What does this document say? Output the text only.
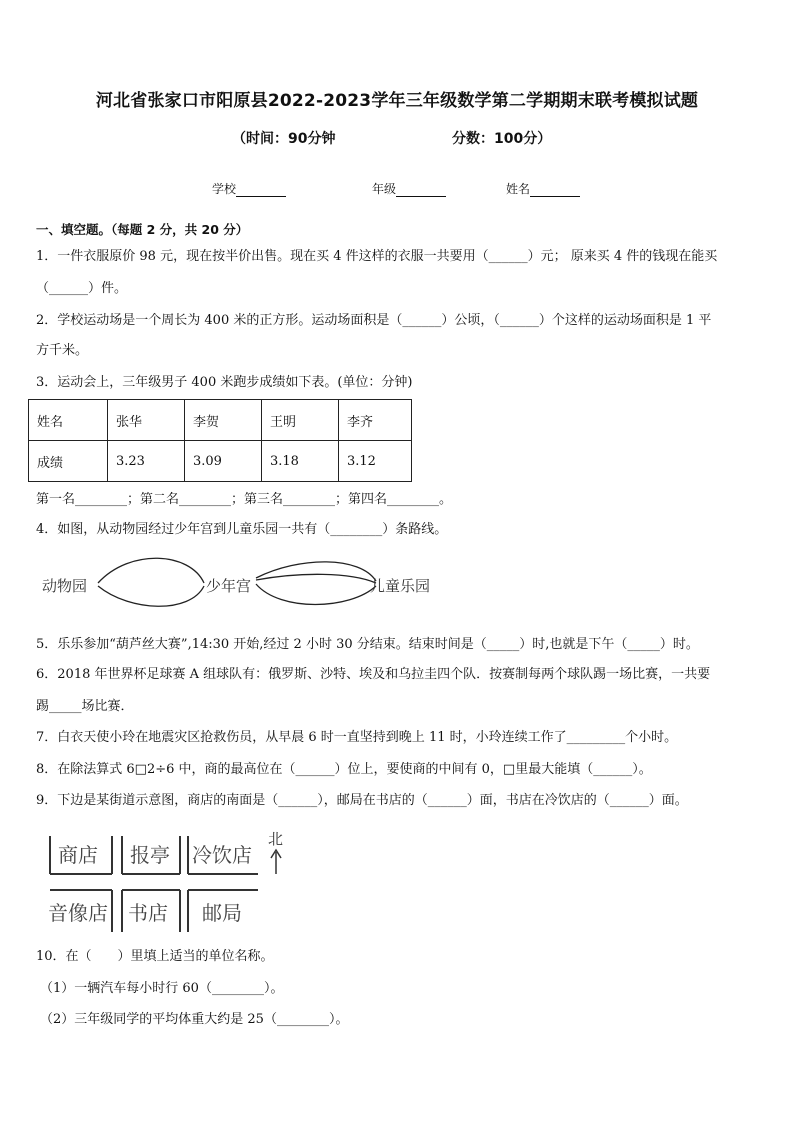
河北省张家口市阳原县2022-2023学年三年级数学第二学期期末联考模拟试题
（时间：90分钟	分数：100分）
学校	年级	姓名
一、填空题。（每题 2 分，共 20 分）
1．一件衣服原价 98 元，现在按半价出售。现在买 4 件这样的衣服一共要用（______）元； 原来买 4 件的钱现在能买
（______）件。
2．学校运动场是一个周长为 400 米的正方形。运动场面积是（______）公顷，（______）个这样的运动场面积是 1 平
方千米。
3．运动会上，三年级男子 400 米跑步成绩如下表。(单位：分钟)
姓名	张华	李贺	王明	李齐
成绩	3.23	3.09	3.18	3.12
第一名________；第二名________；第三名________；第四名________。
4．如图，从动物园经过少年宫到儿童乐园一共有（________）条路线。
动物园	少年宫	儿童乐园
5．乐乐参加“葫芦丝大赛”,14:30 开始,经过 2 小时 30 分结束。结束时间是（_____）时,也就是下午（_____）时。
6．2018 年世界杯足球赛 A 组球队有：俄罗斯、沙特、埃及和乌拉圭四个队．按赛制每两个球队踢一场比赛，一共要
踢_____场比赛．
7．白衣天使小玲在地震灾区抢救伤员，从早晨 6 时一直坚持到晚上 11 时，小玲连续工作了_________个小时。
8．在除法算式 6□2÷6 中，商的最高位在（______）位上，要使商的中间有 0，□里最大能填（______）。
9．下边是某街道示意图，商店的南面是（______），邮局在书店的（______）面，书店在冷饮店的（______）面。
商店 报亭 冷饮店
音像店 书店 邮局
北
10．在（　　）里填上适当的单位名称。
（1）一辆汽车每小时行 60（________）。
（2）三年级同学的平均体重大约是 25（________）。
